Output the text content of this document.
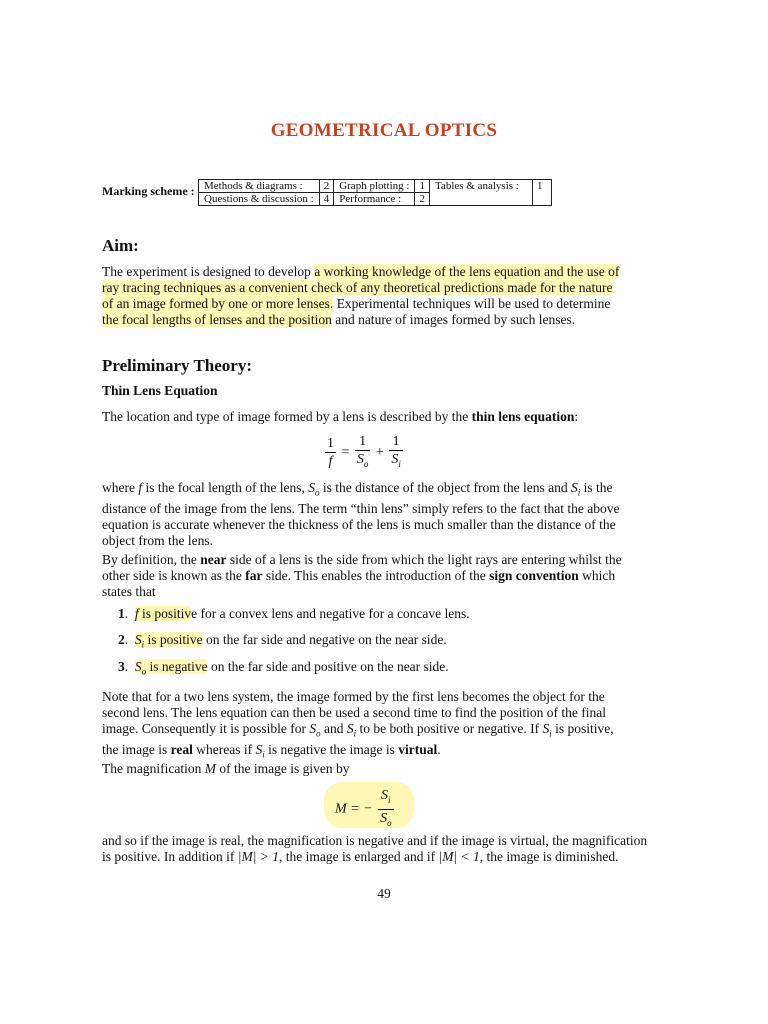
GEOMETRICAL OPTICS
Marking scheme : Methods & diagrams :	2	Graph plotting :	1	Tables & analysis :	1
Questions & discussion :	4	Performance :	2		
Aim:
The experiment is designed to develop a working knowledge of the lens equation and the use of
ray tracing techniques as a convenient check of any theoretical predictions made for the nature
of an image formed by one or more lenses. Experimental techniques will be used to determine
the focal lengths of lenses and the position and nature of images formed by such lenses.
Preliminary Theory:
Thin Lens Equation
The location and type of image formed by a lens is described by the thin lens equation:
$\frac{1}{f} = \frac{1}{S_o} + \frac{1}{S_i}$
where f is the focal length of the lens, $S_o$ is the distance of the object from the lens and $S_i$ is the
distance of the image from the lens. The term “thin lens” simply refers to the fact that the above
equation is accurate whenever the thickness of the lens is much smaller than the distance of the
object from the lens.
By definition, the near side of a lens is the side from which the light rays are entering whilst the
other side is known as the far side. This enables the introduction of the sign convention which
states that
1.  f is positive for a convex lens and negative for a concave lens.
2.  $S_i$ is positive on the far side and negative on the near side.
3.  $S_o$ is negative on the far side and positive on the near side.
Note that for a two lens system, the image formed by the first lens becomes the object for the
second lens. The lens equation can then be used a second time to find the position of the final
image. Consequently it is possible for $S_o$ and $S_i$ to be both positive or negative. If $S_i$ is positive,
the image is real whereas if $S_i$ is negative the image is virtual.
The magnification M of the image is given by
M = − $\frac{S_i}{S_o}$
and so if the image is real, the magnification is negative and if the image is virtual, the magnification
is positive. In addition if |M| > 1, the image is enlarged and if |M| < 1, the image is diminished.
49
